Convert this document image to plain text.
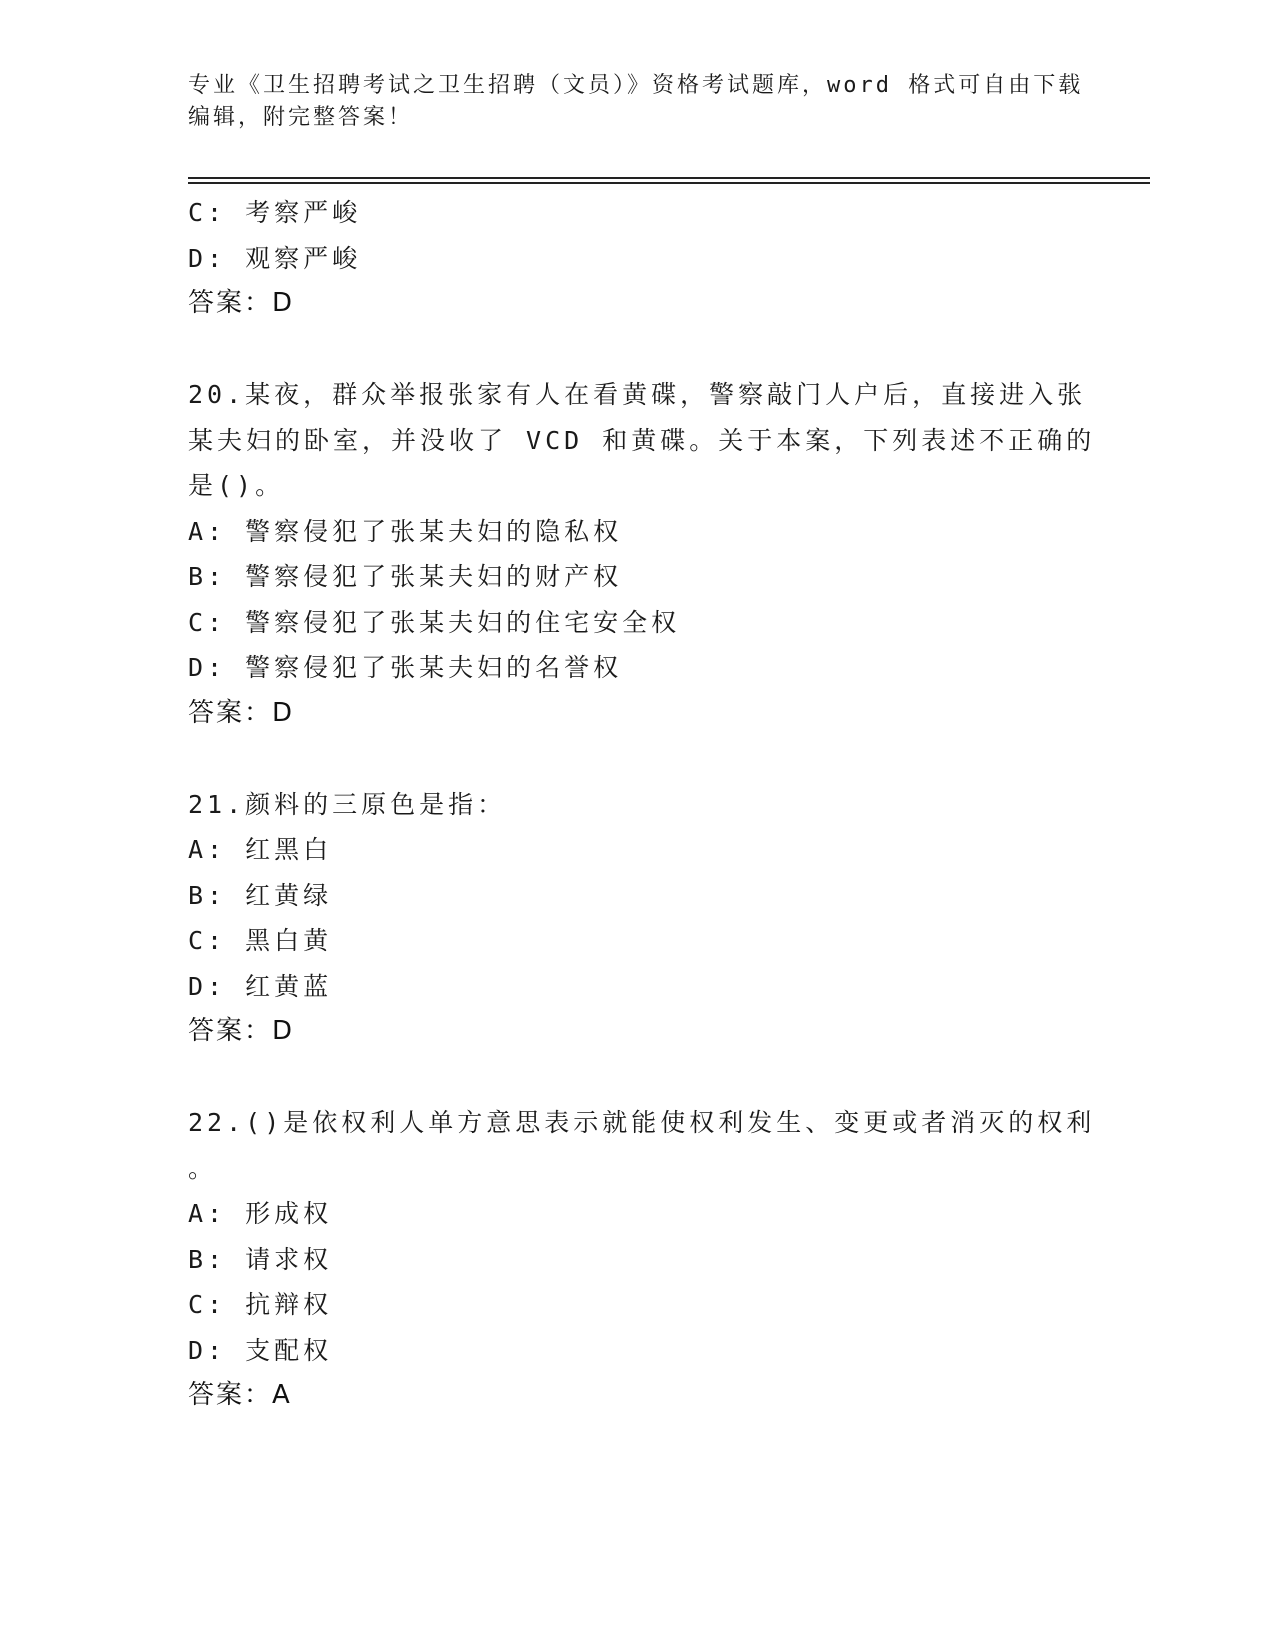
专业《卫生招聘考试之卫生招聘（文员）》资格考试题库，word 格式可自由下载
编辑，附完整答案！
C: 考察严峻
D: 观察严峻
答案：D
20.某夜，群众举报张家有人在看黄碟，警察敲门人户后，直接进入张
某夫妇的卧室，并没收了 VCD 和黄碟。关于本案，下列表述不正确的
是()。
A: 警察侵犯了张某夫妇的隐私权
B: 警察侵犯了张某夫妇的财产权
C: 警察侵犯了张某夫妇的住宅安全权
D: 警察侵犯了张某夫妇的名誉权
答案：D
21.颜料的三原色是指：
A: 红黑白
B: 红黄绿
C: 黑白黄
D: 红黄蓝
答案：D
22.()是依权利人单方意思表示就能使权利发生、变更或者消灭的权利
。
A: 形成权
B: 请求权
C: 抗辩权
D: 支配权
答案：A
